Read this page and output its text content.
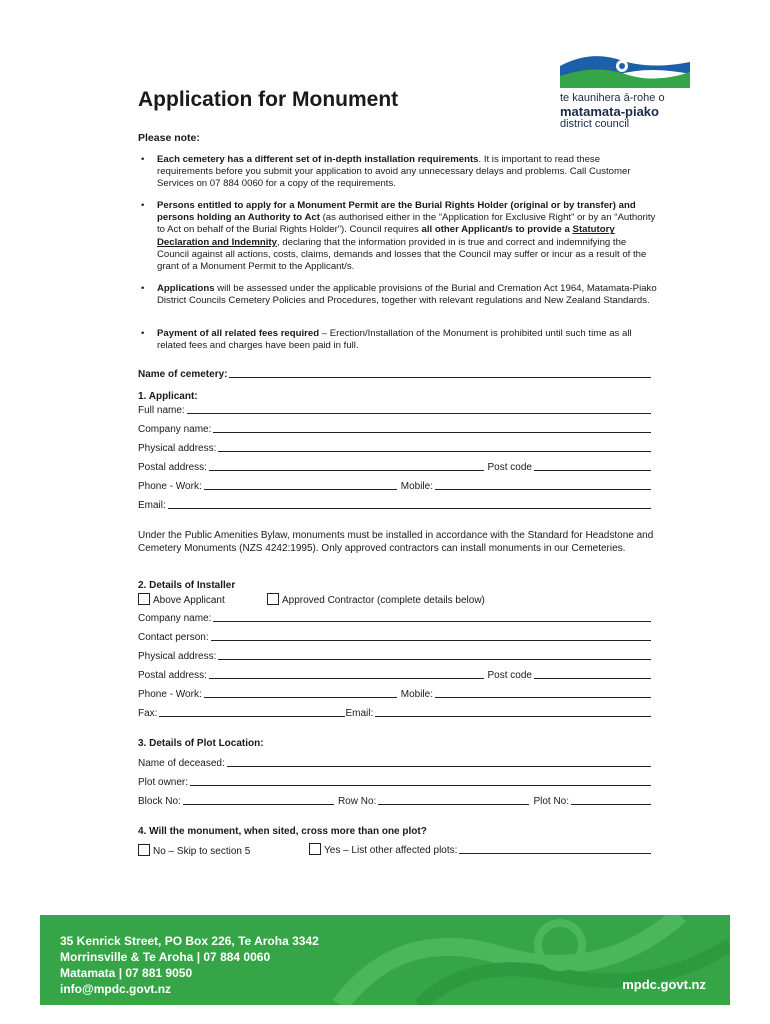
te kaunihera ā-rohe o
matamata-piako
district council
Application for Monument
Please note:
• Each cemetery has a different set of in-depth installation requirements. It is important to read these requirements before you submit your application to avoid any unnecessary delays and problems. Call Customer Services on 07 884 0060 for a copy of the requirements.
• Persons entitled to apply for a Monument Permit are the Burial Rights Holder (original or by transfer) and persons holding an Authority to Act (as authorised either in the “Application for Exclusive Right” or by an “Authority to Act on behalf of the Burial Rights Holder”). Council requires all other Applicant/s to provide a Statutory Declaration and Indemnity, declaring that the information provided in is true and correct and indemnifying the Council against all actions, costs, claims, demands and losses that the Council may suffer or incur as a result of the grant of a Monument Permit to the Applicant/s.
• Applications will be assessed under the applicable provisions of the Burial and Cremation Act 1964, Matamata-Piako District Councils Cemetery Policies and Procedures, together with relevant regulations and New Zealand Standards.
• Payment of all related fees required – Erection/Installation of the Monument is prohibited until such time as all related fees and charges have been paid in full.
Name of cemetery:
1. Applicant:
Full name:
Company name:
Physical address:
Postal address:	Post code
Phone - Work:	Mobile:
Email:
Under the Public Amenities Bylaw, monuments must be installed in accordance with the Standard for Headstone and Cemetery Monuments (NZS 4242:1995). Only approved contractors can install monuments in our Cemeteries.
2. Details of Installer
Above Applicant	Approved Contractor (complete details below)
Company name:
Contact person:
Physical address:
Postal address:	Post code
Phone - Work:	Mobile:
Fax:	Email:
3. Details of Plot Location:
Name of deceased:
Plot owner:
Block No:	Row No:	Plot No:
4. Will the monument, when sited, cross more than one plot?
No – Skip to section 5	Yes – List other affected plots:
35 Kenrick Street, PO Box 226, Te Aroha 3342
Morrinsville & Te Aroha | 07 884 0060
Matamata | 07 881 9050
info@mpdc.govt.nz	mpdc.govt.nz
